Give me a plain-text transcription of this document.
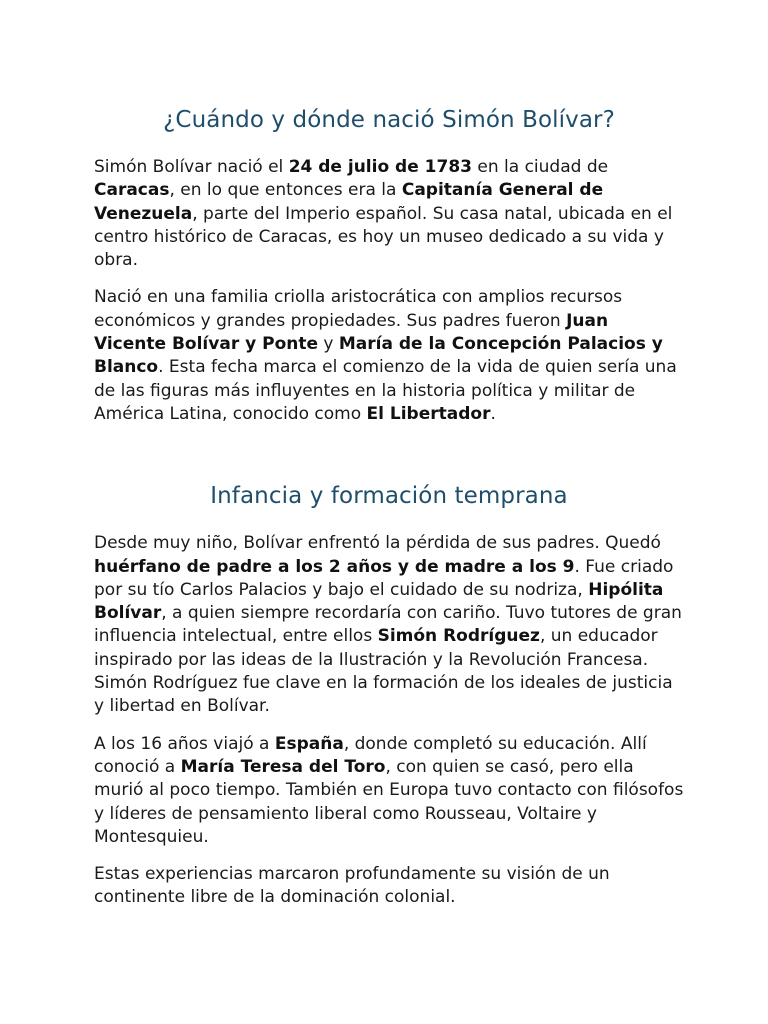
¿Cuándo y dónde nació Simón Bolívar?

Simón Bolívar nació el 24 de julio de 1783 en la ciudad de Caracas, en lo que entonces era la Capitanía General de Venezuela, parte del Imperio español. Su casa natal, ubicada en el centro histórico de Caracas, es hoy un museo dedicado a su vida y obra.

Nació en una familia criolla aristocrática con amplios recursos económicos y grandes propiedades. Sus padres fueron Juan Vicente Bolívar y Ponte y María de la Concepción Palacios y Blanco. Esta fecha marca el comienzo de la vida de quien sería una de las figuras más influyentes en la historia política y militar de América Latina, conocido como El Libertador.

Infancia y formación temprana

Desde muy niño, Bolívar enfrentó la pérdida de sus padres. Quedó huérfano de padre a los 2 años y de madre a los 9. Fue criado por su tío Carlos Palacios y bajo el cuidado de su nodriza, Hipólita Bolívar, a quien siempre recordaría con cariño. Tuvo tutores de gran influencia intelectual, entre ellos Simón Rodríguez, un educador inspirado por las ideas de la Ilustración y la Revolución Francesa. Simón Rodríguez fue clave en la formación de los ideales de justicia y libertad en Bolívar.

A los 16 años viajó a España, donde completó su educación. Allí conoció a María Teresa del Toro, con quien se casó, pero ella murió al poco tiempo. También en Europa tuvo contacto con filósofos y líderes de pensamiento liberal como Rousseau, Voltaire y Montesquieu.

Estas experiencias marcaron profundamente su visión de un continente libre de la dominación colonial.
